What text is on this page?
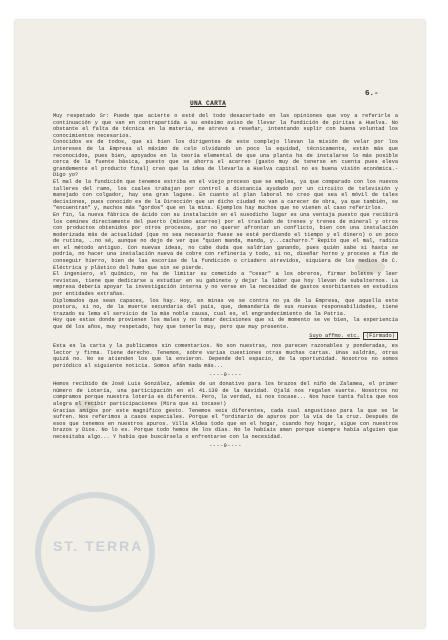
6.-
UNA CARTA

Muy respetado Sr: Puede que acierte o esté del todo desacertado en las opiniones que voy a referirle a continuación y que van en contrapartida a su enésimo aviso de llevar la fundición de piritas a Huelva. No obstante el falta de técnica en la materia, me atrevo a reseñar, intentando suplir con buena voluntad los conocimientos necesarios.

Conocidos es de todos, que si bien los dirigentes de este complejo llevan la misión de velar por los intereses de la Empresa al máximo de celo olvidando un poco la equidad, técnicamente, están más que reconocidos, pues bien, apoyados en la teoría elemental de que una planta ha de instalarse lo más posible cerca de la fuente básica, puesto que se ahorra el acarreo (gasto muy de tenerse en cuenta pues eleva grandemente el producto final) creo que la idea de llevarla a Huelva capital no es buena visión económica.- Digo yo?

El mal de la fundición que tenemos estriba en el viejo proceso que se emplea, ya que comparado con los nuevos talleres del ramo, los cuales trabajan por control a distancia ayudado por un circuito de televisión y manejado con colgador, hay una gran lagune. En cuanto al plan laboral no creo que sea el móvil de tales decisiones, pues conocido es de la Dirección que un dicho ciudad no van a carecer de obra, ya que también, se "encuentran" y, muchos más "gordos" que en la mina. Ejemplos hay muchos que no vienen al caso referirlos.

En fin, la nueva fábrica de ácido con su instalación en el susodicho lugar es una ventaja puesto que recibirá los cemines directamente del puerto (mínimo acarreo) por el traslado de trenes y trenes de mineral y otros con productos obtenidos por otros procesos, por no querer afrontar un conflicto, bien con una instalación moderizada más de actualidad (que no sea necesario fuese se esté perdiendo el tiempo y el dinero) o un poco de rutina, ..no sé, aunque no dejo de ver que "quien manda, manda, y...cacharro." Repito que el mal, radica en el método antiguo. Con nuevas ideas, no cabe duda que saldrían ganando, pues quién sabe si hasta se podría, no hacer una instalación nueva de cobre con refinería y todo, si no, diseñar horno y proceso a fin de conseguir hierro, bien de las escorias de la fundición o criadero atrevidos, siquiera de los medios de C. Eléctrica y plástico del humo que sin se pierde.

El ingeniero, el químico, no ha de limitar su cometido a "cesar" a los obreros, firmar boletos y leer revistas, tiene que dedicarse a estudiar en su gabinete y dejar la labor que hoy llevan de subalternos. La empresa debería apoyar la investigación interna y no verse en la necesidad de gastos exorbitantes en estudios por entidades extrañas.

Diplomados que sean capaces, los hay. Hoy, en minas ve se contra no ya de la Empresa, que aquella este postura, si no, de la muerte secundaria del país, que, demandaría de sus nuevas responsabilidades, tiene trazado su lema el servicio de la más noble causa, cual es, el engrandecimiento de la Patria.

Hoy que estas donde provienen los males y no tomar decisiones que si de momento se ve bien, la experiencia que dé los años, muy respetado, hay que tenerla muy, pero que muy presente.

Suyo affmo. etc. (Firmado)

Esta es la carta y la publicamos sin comentarios. No son nuestras, nos parecen razonables y ponderadas, es lector y firma. Tiene derecho. Tenemos, sobre varias cuestiones otras muchas cartas. Unas saldrán, otras quizá no. No se atienden los que la envieron. Depende del espacio, de la oportunidad. Nosotros no somos periódico al siguiente noticia. Somos afán nada más...

----0----

Hemos recibido de José Luis González, además de un donativo para los brazos del niño de Zalamea, el primer número de Lotería, una participación en el 41.139 de la Navidad. Ojalá nos regalen suerte. Nosotros no compramos porque nuestra lotería es diferente. Pero, la verdad, si nos tocase... Nos hace tanta falta que nos alegra el recibir participaciones (Mira que si tocase!)

Gracias amigos por este magnífico gesto. Tenemos seis diferentes, cada cual angustioso para la que se le sufren. Nos referimos a casos especiales. Porque el "ordinario de apuros por la vía de la cruz. Después de esos que tenemos en nuestros apuros. Villa Aldea todo que en el hogar, cuando hoy hogar, sigue con nuestros brazos y Dios. No lo es. Porque todo hemos de los días. No le habíais aman porque siempre había alguien que necesitaba algo... Y había que buscársela o enfrentarse con la necesidad.

----0----
ST. TERRA
